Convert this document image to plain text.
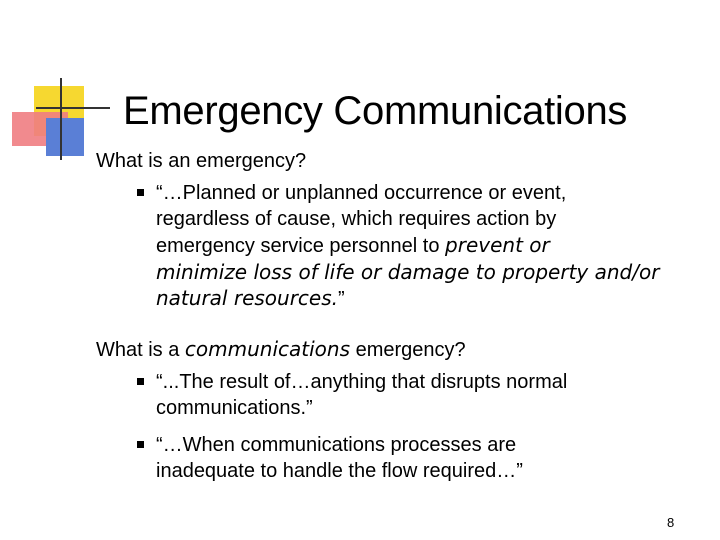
Emergency Communications
What is an emergency?
“…Planned or unplanned occurrence or event,
regardless of cause, which requires action by
emergency service personnel to prevent or
minimize loss of life or damage to property and/or
natural resources.”
What is a communications emergency?
“...The result of…anything that disrupts normal
communications.”
“…When communications processes are
inadequate to handle the flow required…”
8
